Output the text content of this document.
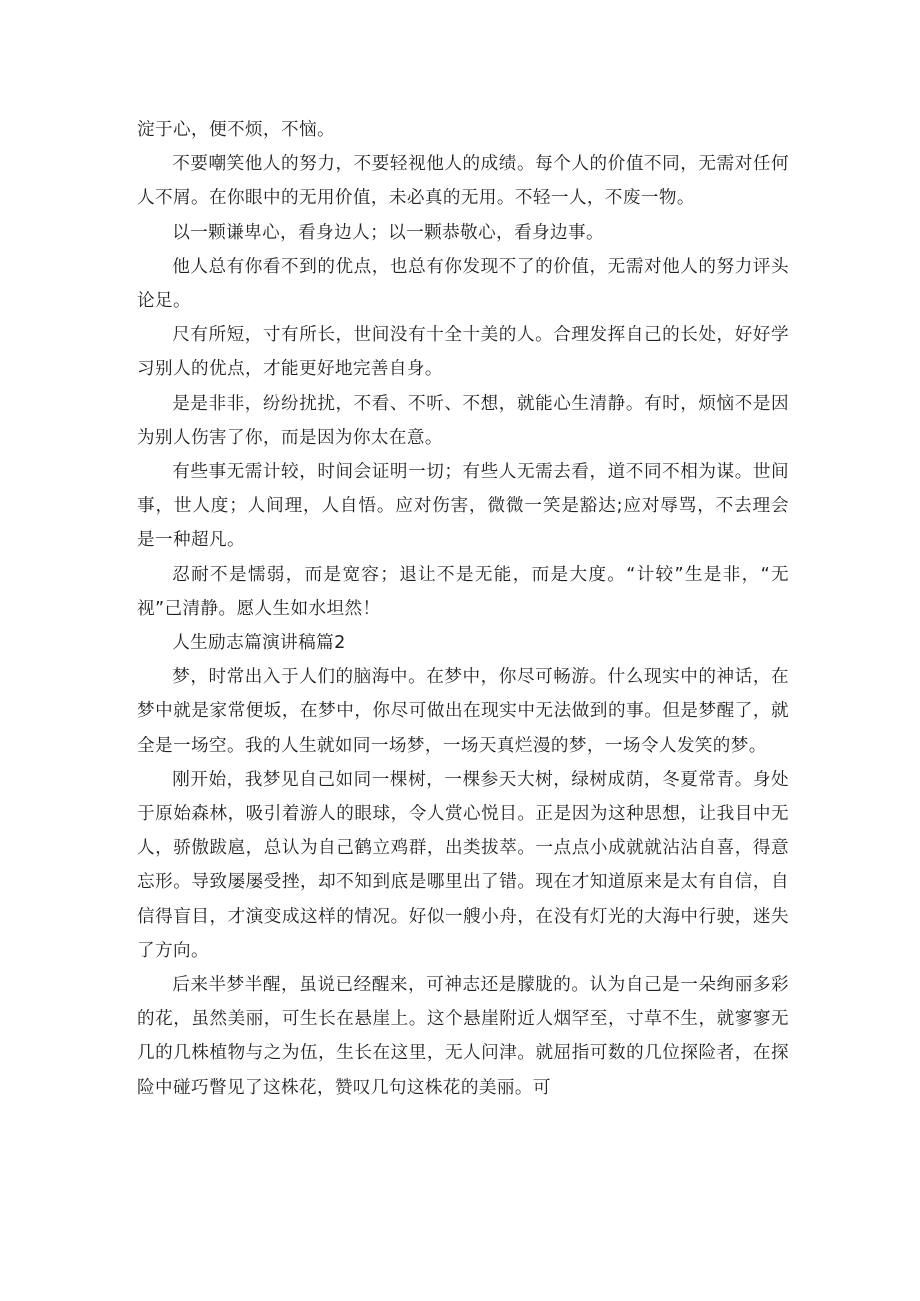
淀于心，便不烦，不恼。

不要嘲笑他人的努力，不要轻视他人的成绩。每个人的价值不同，无需对任何人不屑。在你眼中的无用价值，未必真的无用。不轻一人，不废一物。

以一颗谦卑心，看身边人；以一颗恭敬心，看身边事。

他人总有你看不到的优点，也总有你发现不了的价值，无需对他人的努力评头论足。

尺有所短，寸有所长，世间没有十全十美的人。合理发挥自己的长处，好好学习别人的优点，才能更好地完善自身。

是是非非，纷纷扰扰，不看、不听、不想，就能心生清静。有时，烦恼不是因为别人伤害了你，而是因为你太在意。

有些事无需计较，时间会证明一切；有些人无需去看，道不同不相为谋。世间事，世人度；人间理，人自悟。应对伤害，微微一笑是豁达;应对辱骂，不去理会是一种超凡。

忍耐不是懦弱，而是宽容；退让不是无能，而是大度。“计较”生是非，“无视”己清静。愿人生如水坦然！

人生励志篇演讲稿篇2

梦，时常出入于人们的脑海中。在梦中，你尽可畅游。什么现实中的神话，在梦中就是家常便坂，在梦中，你尽可做出在现实中无法做到的事。但是梦醒了，就全是一场空。我的人生就如同一场梦，一场天真烂漫的梦，一场令人发笑的梦。

刚开始，我梦见自己如同一棵树，一棵参天大树，绿树成荫，冬夏常青。身处于原始森林，吸引着游人的眼球，令人赏心悦目。正是因为这种思想，让我目中无人，骄傲跋扈，总认为自己鹤立鸡群，出类拔萃。一点点小成就就沾沾自喜，得意忘形。导致屡屡受挫，却不知到底是哪里出了错。现在才知道原来是太有自信，自信得盲目，才演变成这样的情况。好似一艘小舟，在没有灯光的大海中行驶，迷失了方向。

后来半梦半醒，虽说已经醒来，可神志还是朦胧的。认为自己是一朵绚丽多彩的花，虽然美丽，可生长在悬崖上。这个悬崖附近人烟罕至，寸草不生，就寥寥无几的几株植物与之为伍，生长在这里，无人问津。就屈指可数的几位探险者，在探险中碰巧瞥见了这株花，赞叹几句这株花的美丽。可
